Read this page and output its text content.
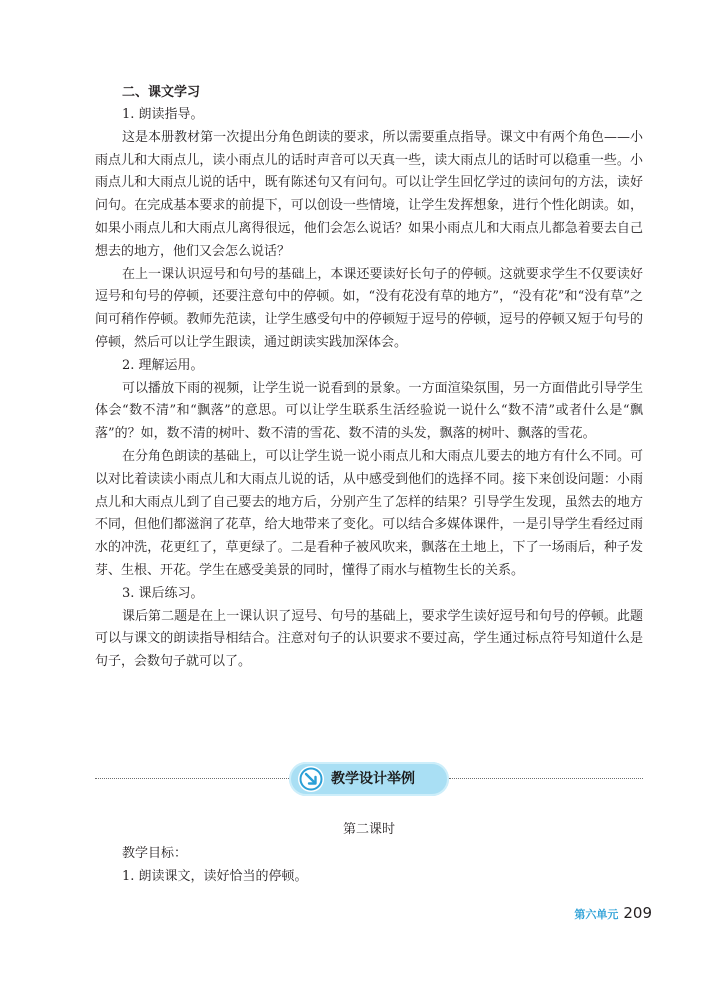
二、课文学习

1. 朗读指导。

这是本册教材第一次提出分角色朗读的要求，所以需要重点指导。课文中有两个角色——小雨点儿和大雨点儿，读小雨点儿的话时声音可以天真一些，读大雨点儿的话时可以稳重一些。小雨点儿和大雨点儿说的话中，既有陈述句又有问句。可以让学生回忆学过的读问句的方法，读好问句。在完成基本要求的前提下，可以创设一些情境，让学生发挥想象，进行个性化朗读。如，如果小雨点儿和大雨点儿离得很远，他们会怎么说话？如果小雨点儿和大雨点儿都急着要去自己想去的地方，他们又会怎么说话？

在上一课认识逗号和句号的基础上，本课还要读好长句子的停顿。这就要求学生不仅要读好逗号和句号的停顿，还要注意句中的停顿。如，“没有花没有草的地方”，“没有花”和“没有草”之间可稍作停顿。教师先范读，让学生感受句中的停顿短于逗号的停顿，逗号的停顿又短于句号的停顿，然后可以让学生跟读，通过朗读实践加深体会。

2. 理解运用。

可以播放下雨的视频，让学生说一说看到的景象。一方面渲染氛围，另一方面借此引导学生体会“数不清”和“飘落”的意思。可以让学生联系生活经验说一说什么“数不清”或者什么是“飘落”的？如，数不清的树叶、数不清的雪花、数不清的头发，飘落的树叶、飘落的雪花。

在分角色朗读的基础上，可以让学生说一说小雨点儿和大雨点儿要去的地方有什么不同。可以对比着读读小雨点儿和大雨点儿说的话，从中感受到他们的选择不同。接下来创设问题：小雨点儿和大雨点儿到了自己要去的地方后，分别产生了怎样的结果？引导学生发现，虽然去的地方不同，但他们都滋润了花草，给大地带来了变化。可以结合多媒体课件，一是引导学生看经过雨水的冲洗，花更红了，草更绿了。二是看种子被风吹来，飘落在土地上，下了一场雨后，种子发芽、生根、开花。学生在感受美景的同时，懂得了雨水与植物生长的关系。

3. 课后练习。

课后第二题是在上一课认识了逗号、句号的基础上，要求学生读好逗号和句号的停顿。此题可以与课文的朗读指导相结合。注意对句子的认识要求不要过高，学生通过标点符号知道什么是句子，会数句子就可以了。

教学设计举例

第二课时

教学目标：

1. 朗读课文，读好恰当的停顿。

第六单元 209
